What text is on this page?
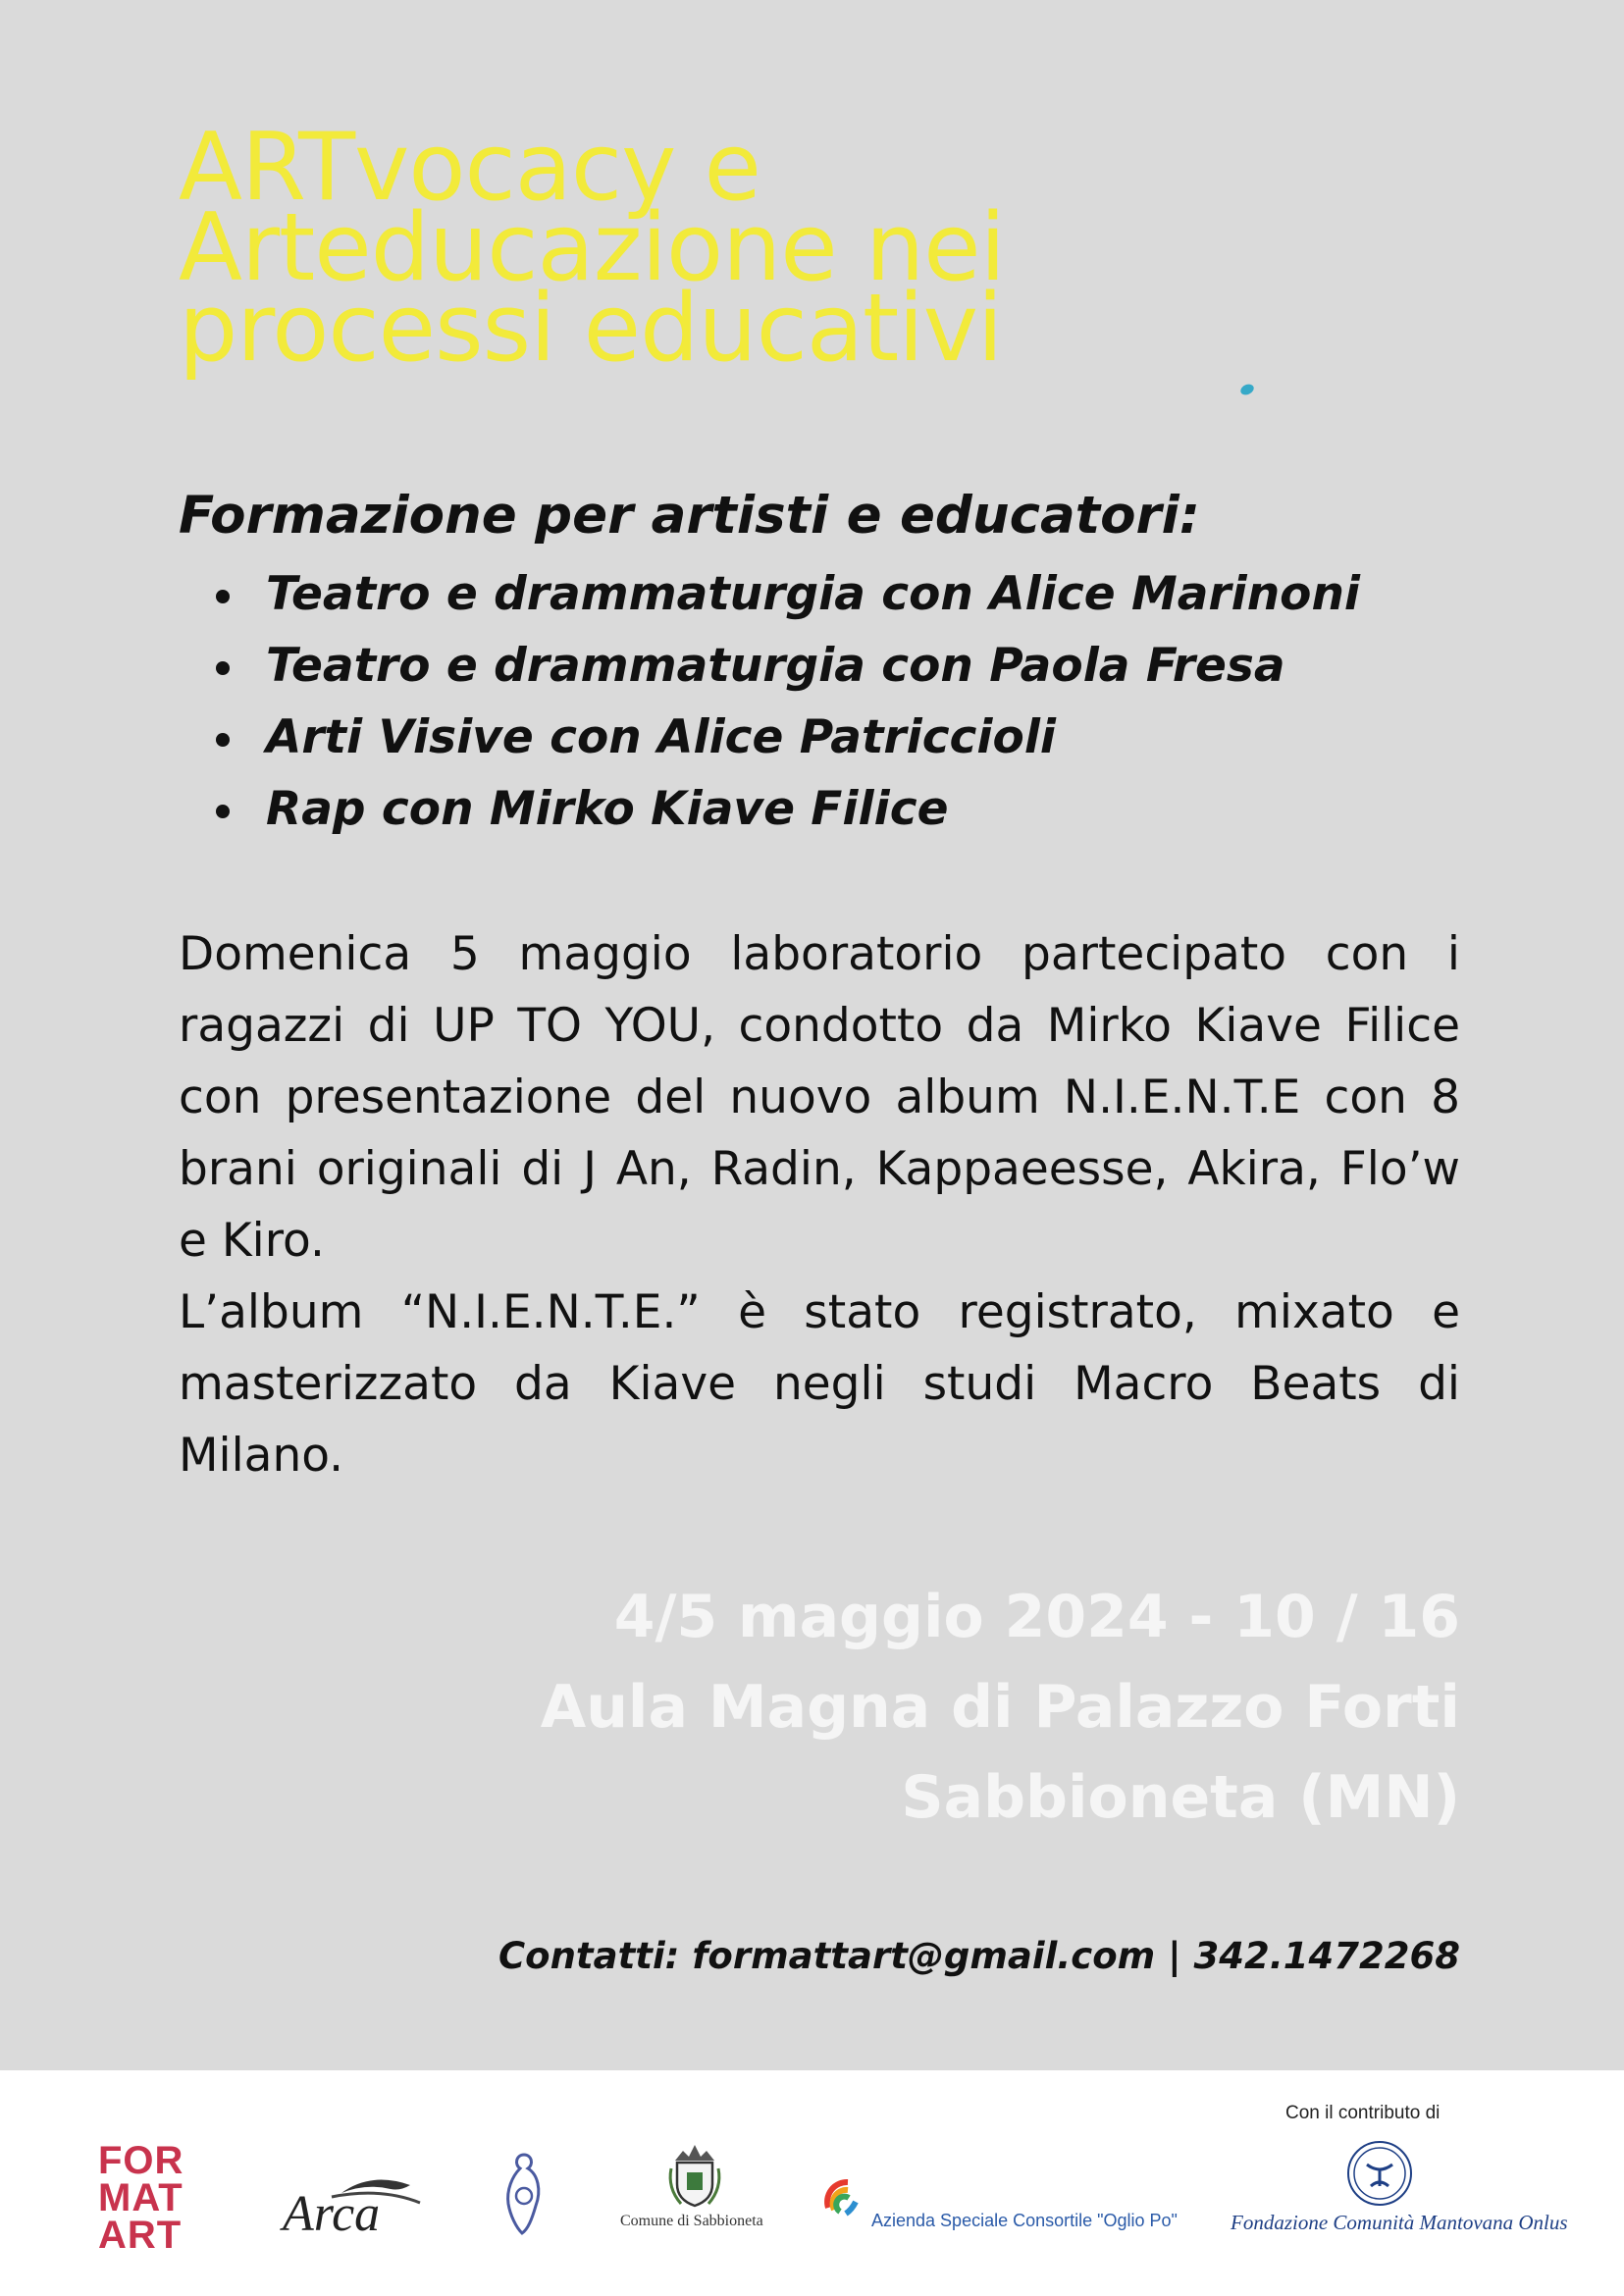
ARTvocacy e
Arteducazione nei
processi educativi
Formazione per artisti e educatori:
Teatro e drammaturgia con Alice Marinoni
Teatro e drammaturgia con Paola Fresa
Arti Visive con Alice Patriccioli
Rap con Mirko Kiave Filice

Domenica 5 maggio laboratorio partecipato con i ragazzi di UP TO YOU, condotto da Mirko Kiave Filice con presentazione del nuovo album N.I.E.N.T.E con 8 brani originali di J An, Radin, Kappaeesse, Akira, Flo’w e Kiro.

L’album “N.I.E.N.T.E.” è stato registrato, mixato e masterizzato da Kiave negli studi Macro Beats di Milano.

4/5 maggio 2024 - 10 / 16
Aula Magna di Palazzo Forti
Sabbioneta (MN)
Contatti: formattart@gmail.com | 342.1472268
Con il contributo di
FOR
MAT
ART	Arca	Comune di Sabbioneta	Azienda Speciale Consortile "Oglio Po"	Fondazione Comunità Mantovana Onlus
